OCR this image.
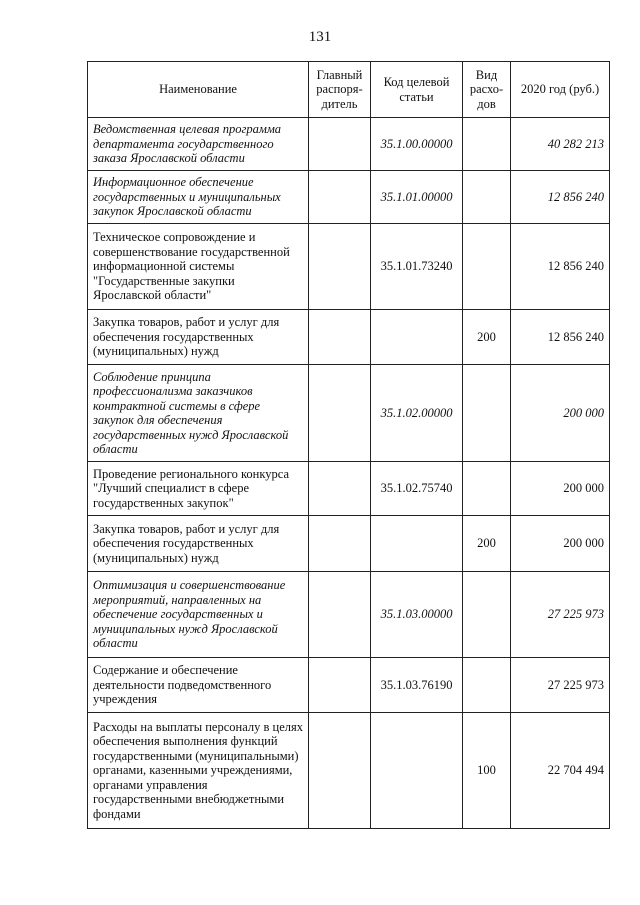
131
Наименование	Главный распоря-дитель	Код целевой статьи	Вид расхо-дов	2020 год (руб.)
Ведомственная целевая программа департамента государственного заказа Ярославской области		35.1.00.00000		40 282 213
Информационное обеспечение государственных и муниципальных закупок Ярославской области		35.1.01.00000		12 856 240
Техническое сопровождение и совершенствование государственной информационной системы "Государственные закупки Ярославской области"		35.1.01.73240		12 856 240
Закупка товаров, работ и услуг для обеспечения государственных (муниципальных) нужд			200	12 856 240
Соблюдение принципа профессионализма заказчиков контрактной системы в сфере закупок для обеспечения государственных нужд Ярославской области		35.1.02.00000		200 000
Проведение регионального конкурса "Лучший специалист в сфере государственных закупок"		35.1.02.75740		200 000
Закупка товаров, работ и услуг для обеспечения государственных (муниципальных) нужд			200	200 000
Оптимизация и совершенствование мероприятий, направленных на обеспечение государственных и муниципальных нужд Ярославской области		35.1.03.00000		27 225 973
Содержание и обеспечение деятельности подведомственного учреждения		35.1.03.76190		27 225 973
Расходы на выплаты персоналу в целях обеспечения выполнения функций государственными (муниципальными) органами, казенными учреждениями, органами управления государственными внебюджетными фондами			100	22 704 494
